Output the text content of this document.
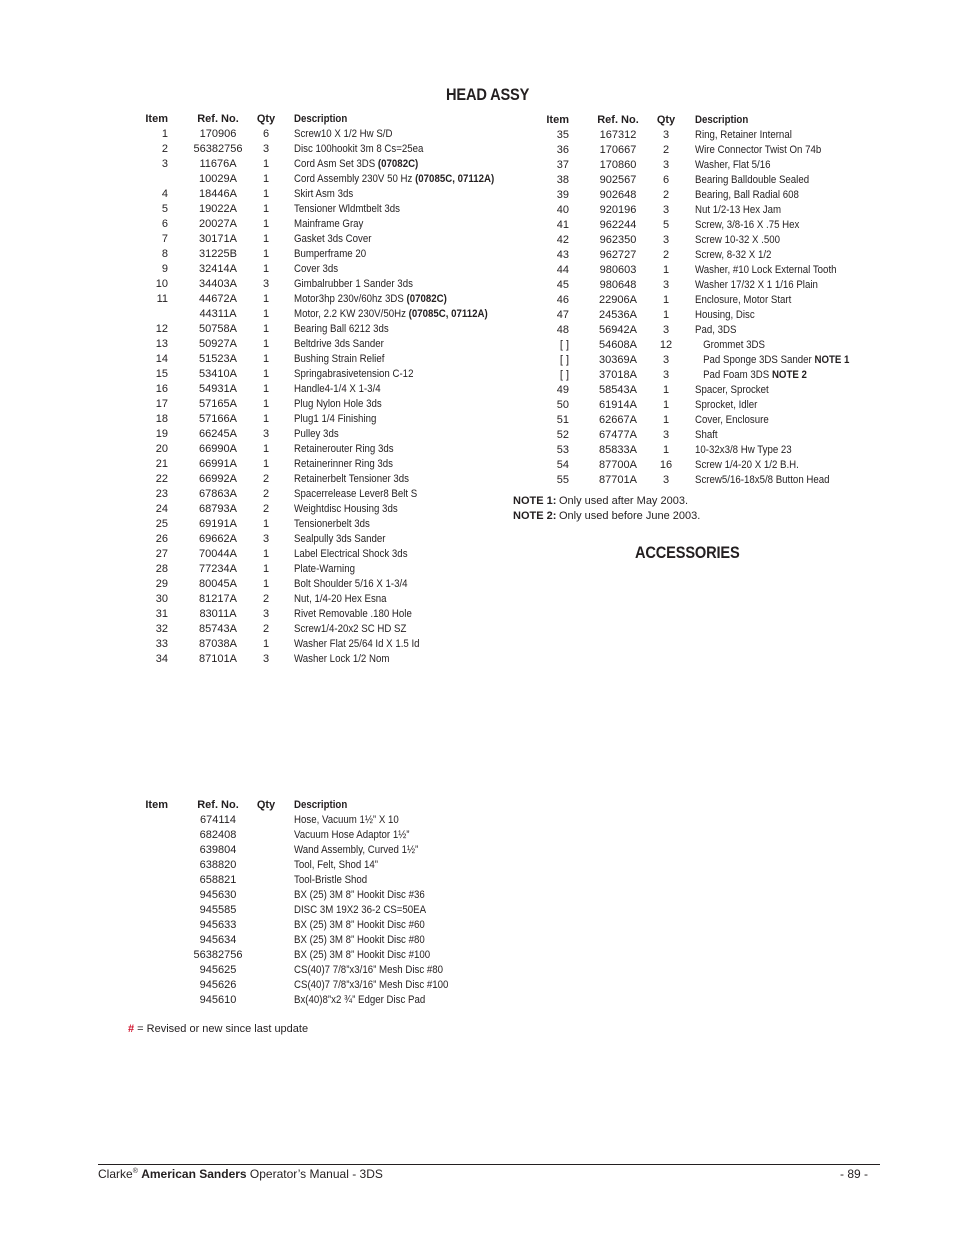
HEAD ASSY
Item	Ref. No.	Qty Description
1	170906	6	Screw10 X 1/2 Hw S/D
2	56382756	3	Disc 100hookit 3m 8 Cs=25ea
3	11676A	1	Cord Asm Set 3DS (07082C)
10029A	1	Cord Assembly 230V 50 Hz (07085C, 07112A)
4	18446A	1	Skirt Asm 3ds
5	19022A	1	Tensioner Wldmtbelt 3ds
6	20027A	1	Mainframe Gray
7	30171A	1	Gasket 3ds Cover
8	31225B	1	Bumperframe 20
9	32414A	1	Cover 3ds
10	34403A	3	Gimbalrubber 1 Sander 3ds
11	44672A	1	Motor3hp 230v/60hz 3DS (07082C)
44311A	1	Motor, 2.2 KW 230V/50Hz (07085C, 07112A)
12	50758A	1	Bearing Ball 6212 3ds
13	50927A	1	Beltdrive 3ds Sander
14	51523A	1	Bushing Strain Relief
15	53410A	1	Springabrasivetension C-12
16	54931A	1	Handle4-1/4 X 1-3/4
17	57165A	1	Plug Nylon Hole 3ds
18	57166A	1	Plug1 1/4 Finishing
19	66245A	3	Pulley 3ds
20	66990A	1	Retainerouter Ring 3ds
21	66991A	1	Retainerinner Ring 3ds
22	66992A	2	Retainerbelt Tensioner 3ds
23	67863A	2	Spacerrelease Lever8 Belt S
24	68793A	2	Weightdisc Housing 3ds
25	69191A	1	Tensionerbelt 3ds
26	69662A	3	Sealpully 3ds Sander
27	70044A	1	Label Electrical Shock 3ds
28	77234A	1	Plate-Warning
29	80045A	1	Bolt Shoulder 5/16 X 1-3/4
30	81217A	2	Nut, 1/4-20 Hex Esna
31	83011A	3	Rivet Removable .180 Hole
32	85743A	2	Screw1/4-20x2 SC HD SZ
33	87038A	1	Washer Flat 25/64 Id X 1.5 Id
34	87101A	3	Washer Lock 1/2 Nom
Item	Ref. No.	Qty Description
35	167312	3	Ring, Retainer Internal
36	170667	2	Wire Connector Twist On 74b
37	170860	3	Washer, Flat 5/16
38	902567	6	Bearing Balldouble Sealed
39	902648	2	Bearing, Ball Radial 608
40	920196	3	Nut 1/2-13 Hex Jam
41	962244	5	Screw, 3/8-16 X .75 Hex
42	962350	3	Screw 10-32 X .500
43	962727	2	Screw, 8-32 X 1/2
44	980603	1	Washer, #10 Lock External Tooth
45	980648	3	Washer 17/32 X 1 1/16 Plain
46	22906A	1	Enclosure, Motor Start
47	24536A	1	Housing, Disc
48	56942A	3	Pad, 3DS
[ ]	54608A	12	Grommet 3DS
[ ]	30369A	3	Pad Sponge 3DS Sander NOTE 1
[ ]	37018A	3	Pad Foam 3DS NOTE 2
49	58543A	1	Spacer, Sprocket
50	61914A	1	Sprocket, Idler
51	62667A	1	Cover, Enclosure
52	67477A	3	Shaft
53	85833A	1	10-32x3/8 Hw Type 23
54	87700A	16	Screw 1/4-20 X 1/2 B.H.
55	87701A	3	Screw5/16-18x5/8 Button Head
NOTE 1: Only used after May 2003.
NOTE 2: Only used before June 2003.
ACCESSORIES
Item	Ref. No.	Qty Description
674114	Hose, Vacuum 1½” X 10
682408	Vacuum Hose Adaptor 1½”
639804	Wand Assembly, Curved 1½”
638820	Tool, Felt, Shod 14”
658821	Tool-Bristle Shod
945630	BX (25) 3M 8” Hookit Disc #36
945585	DISC 3M 19X2 36-2 CS=50EA
945633	BX (25) 3M 8” Hookit Disc #60
945634	BX (25) 3M 8” Hookit Disc #80
56382756	BX (25) 3M 8” Hookit Disc #100
945625	CS(40)7 7/8”x3/16” Mesh Disc #80
945626	CS(40)7 7/8”x3/16” Mesh Disc #100
945610	Bx(40)8”x2 ¾” Edger Disc Pad
# = Revised or new since last update
Clarke® American Sanders Operator’s Manual - 3DS	- 89 -
